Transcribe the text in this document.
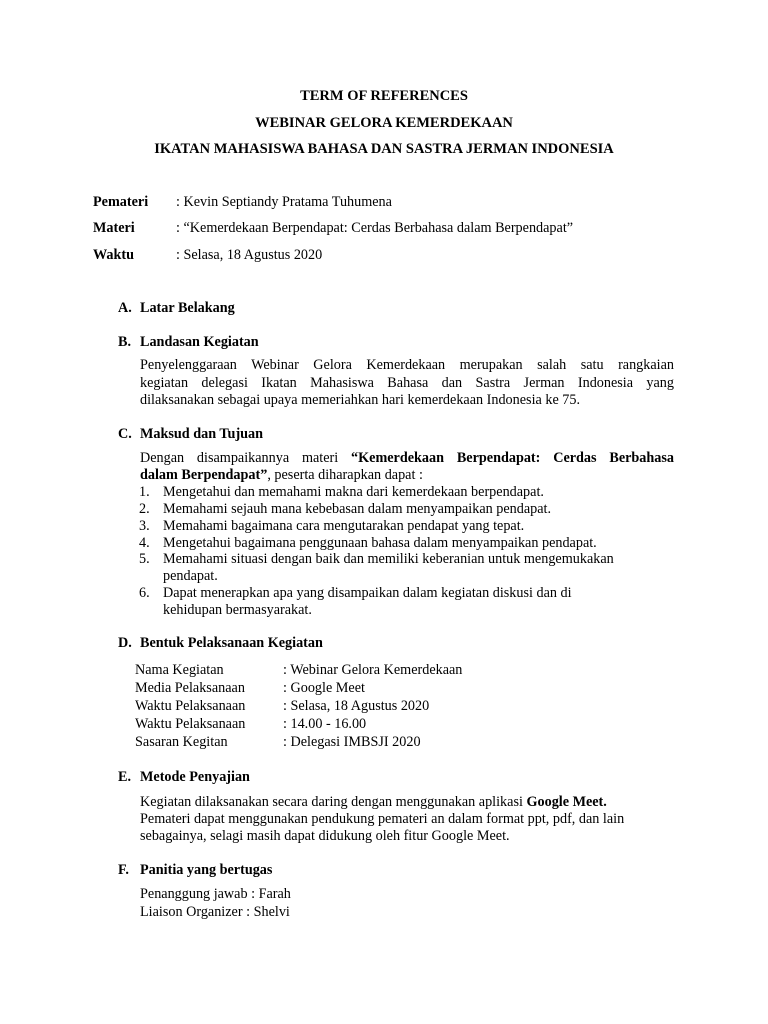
TERM OF REFERENCES
WEBINAR GELORA KEMERDEKAAN
IKATAN MAHASISWA BAHASA DAN SASTRA JERMAN INDONESIA
Pemateri : Kevin Septiandy Pratama Tuhumena
Materi	: “Kemerdekaan Berpendapat: Cerdas Berbahasa dalam Berpendapat”
Waktu	: Selasa, 18 Agustus 2020
A. Latar Belakang
B. Landasan Kegiatan
Penyelenggaraan Webinar Gelora Kemerdekaan merupakan salah satu rangkaian
kegiatan delegasi Ikatan Mahasiswa Bahasa dan Sastra Jerman Indonesia yang
dilaksanakan sebagai upaya memeriahkan hari kemerdekaan Indonesia ke 75.
C. Maksud dan Tujuan
Dengan disampaikannya materi “Kemerdekaan Berpendapat: Cerdas Berbahasa
dalam Berpendapat”, peserta diharapkan dapat :
1. Mengetahui dan memahami makna dari kemerdekaan berpendapat.
2. Memahami sejauh mana kebebasan dalam menyampaikan pendapat.
3. Memahami bagaimana cara mengutarakan pendapat yang tepat.
4. Mengetahui bagaimana penggunaan bahasa dalam menyampaikan pendapat.
5. Memahami situasi dengan baik dan memiliki keberanian untuk mengemukakan
pendapat.
6. Dapat menerapkan apa yang disampaikan dalam kegiatan diskusi dan di
kehidupan bermasyarakat.
D. Bentuk Pelaksanaan Kegiatan
Nama Kegiatan	: Webinar Gelora Kemerdekaan
Media Pelaksanaan	: Google Meet
Waktu Pelaksanaan	: Selasa, 18 Agustus 2020
Waktu Pelaksanaan	: 14.00 - 16.00
Sasaran Kegitan	: Delegasi IMBSJI 2020
E. Metode Penyajian
Kegiatan dilaksanakan secara daring dengan menggunakan aplikasi Google Meet.
Pemateri dapat menggunakan pendukung pemateri an dalam format ppt, pdf, dan lain
sebagainya, selagi masih dapat didukung oleh fitur Google Meet.
F. Panitia yang bertugas
Penanggung jawab : Farah
Liaison Organizer : Shelvi
